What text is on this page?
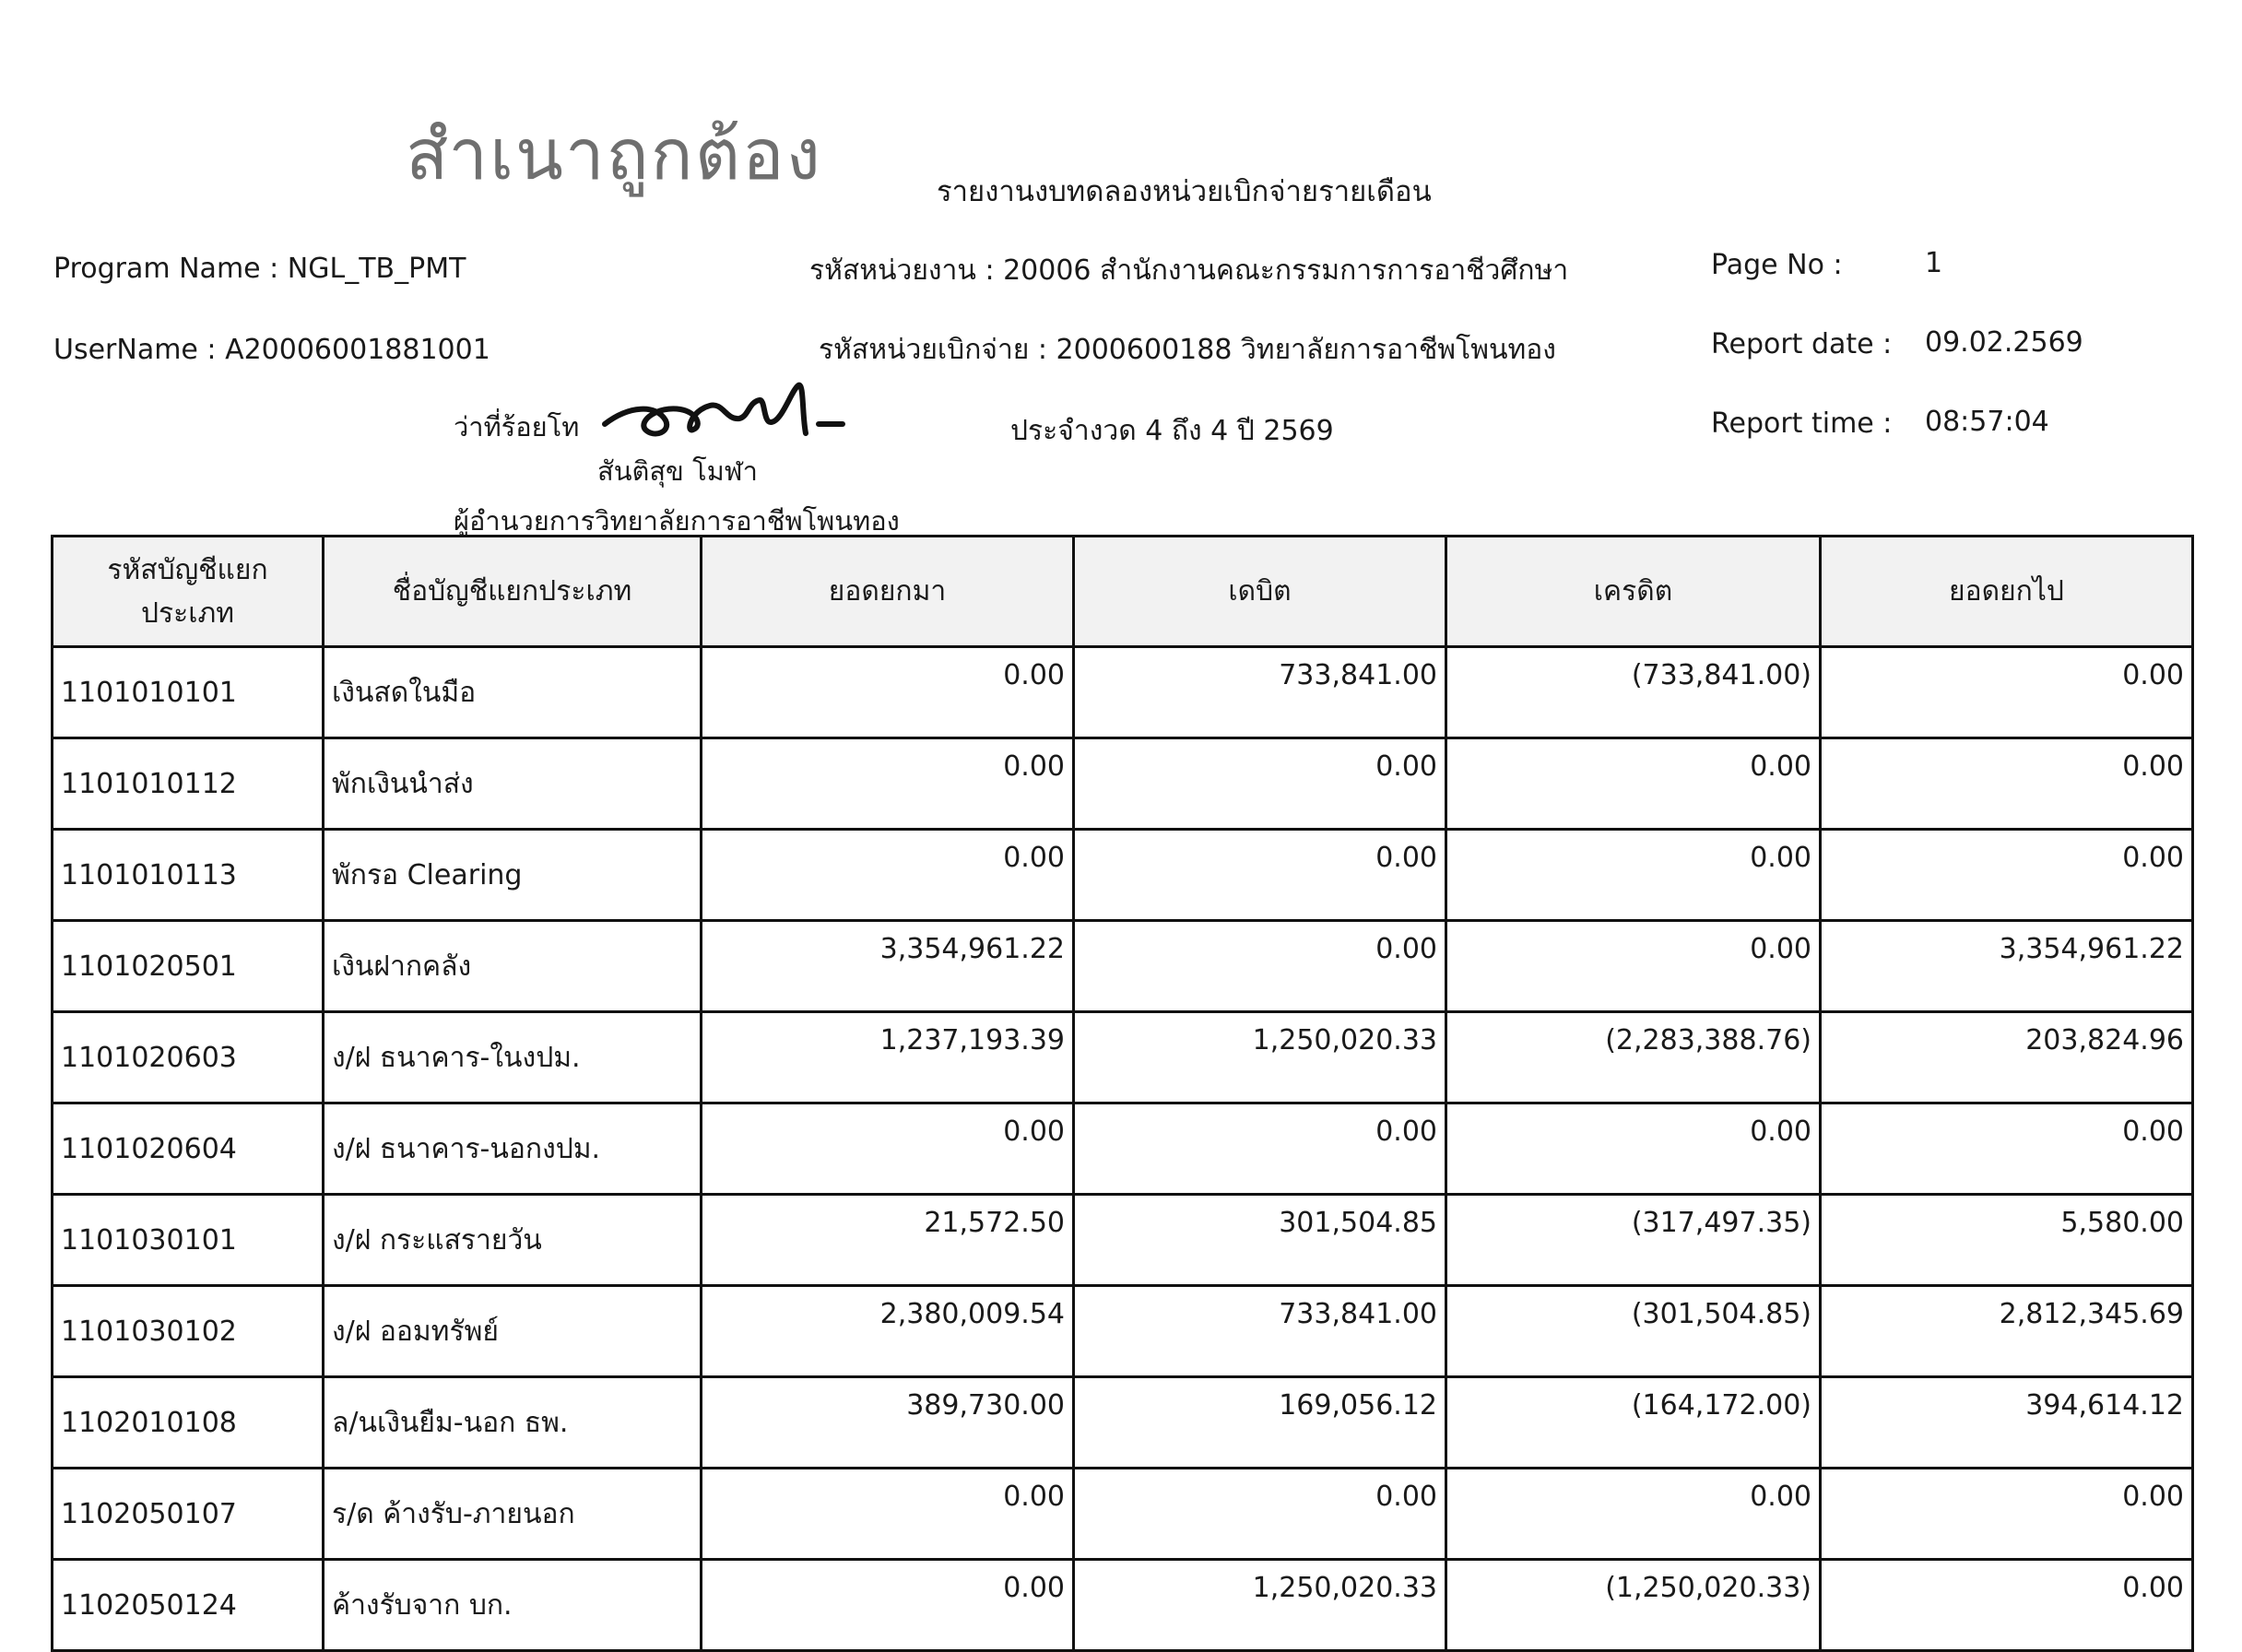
สำเนาถูกต้อง	รายงานงบทดลองหน่วยเบิกจ่ายรายเดือน
Program Name : NGL_TB_PMT
UserName : A20006001881001
รหัสหน่วยงาน : 20006 สำนักงานคณะกรรมการการอาชีวศึกษา
รหัสหน่วยเบิกจ่าย : 2000600188 วิทยาลัยการอาชีพโพนทอง
ประจำงวด 4 ถึง 4 ปี 2569
Page No :	1
Report date : 09.02.2569
Report time : 08:57:04
ว่าที่ร้อยโท
สันติสุข โมฬา
ผู้อำนวยการวิทยาลัยการอาชีพโพนทอง
รหัสบัญชีแยกประเภท	ชื่อบัญชีแยกประเภท	ยอดยกมา	เดบิต	เครดิต	ยอดยกไป
1101010101	เงินสดในมือ	0.00	733,841.00	(733,841.00)	0.00
1101010112	พักเงินนำส่ง	0.00	0.00	0.00	0.00
1101010113	พักรอ Clearing	0.00	0.00	0.00	0.00
1101020501	เงินฝากคลัง	3,354,961.22	0.00	0.00	3,354,961.22
1101020603	ง/ฝ ธนาคาร-ในงปม.	1,237,193.39	1,250,020.33	(2,283,388.76)	203,824.96
1101020604	ง/ฝ ธนาคาร-นอกงปม.	0.00	0.00	0.00	0.00
1101030101	ง/ฝ กระแสรายวัน	21,572.50	301,504.85	(317,497.35)	5,580.00
1101030102	ง/ฝ ออมทรัพย์	2,380,009.54	733,841.00	(301,504.85)	2,812,345.69
1102010108	ล/นเงินยืม-นอก ธพ.	389,730.00	169,056.12	(164,172.00)	394,614.12
1102050107	ร/ด ค้างรับ-ภายนอก	0.00	0.00	0.00	0.00
1102050124	ค้างรับจาก บก.	0.00	1,250,020.33	(1,250,020.33)	0.00
